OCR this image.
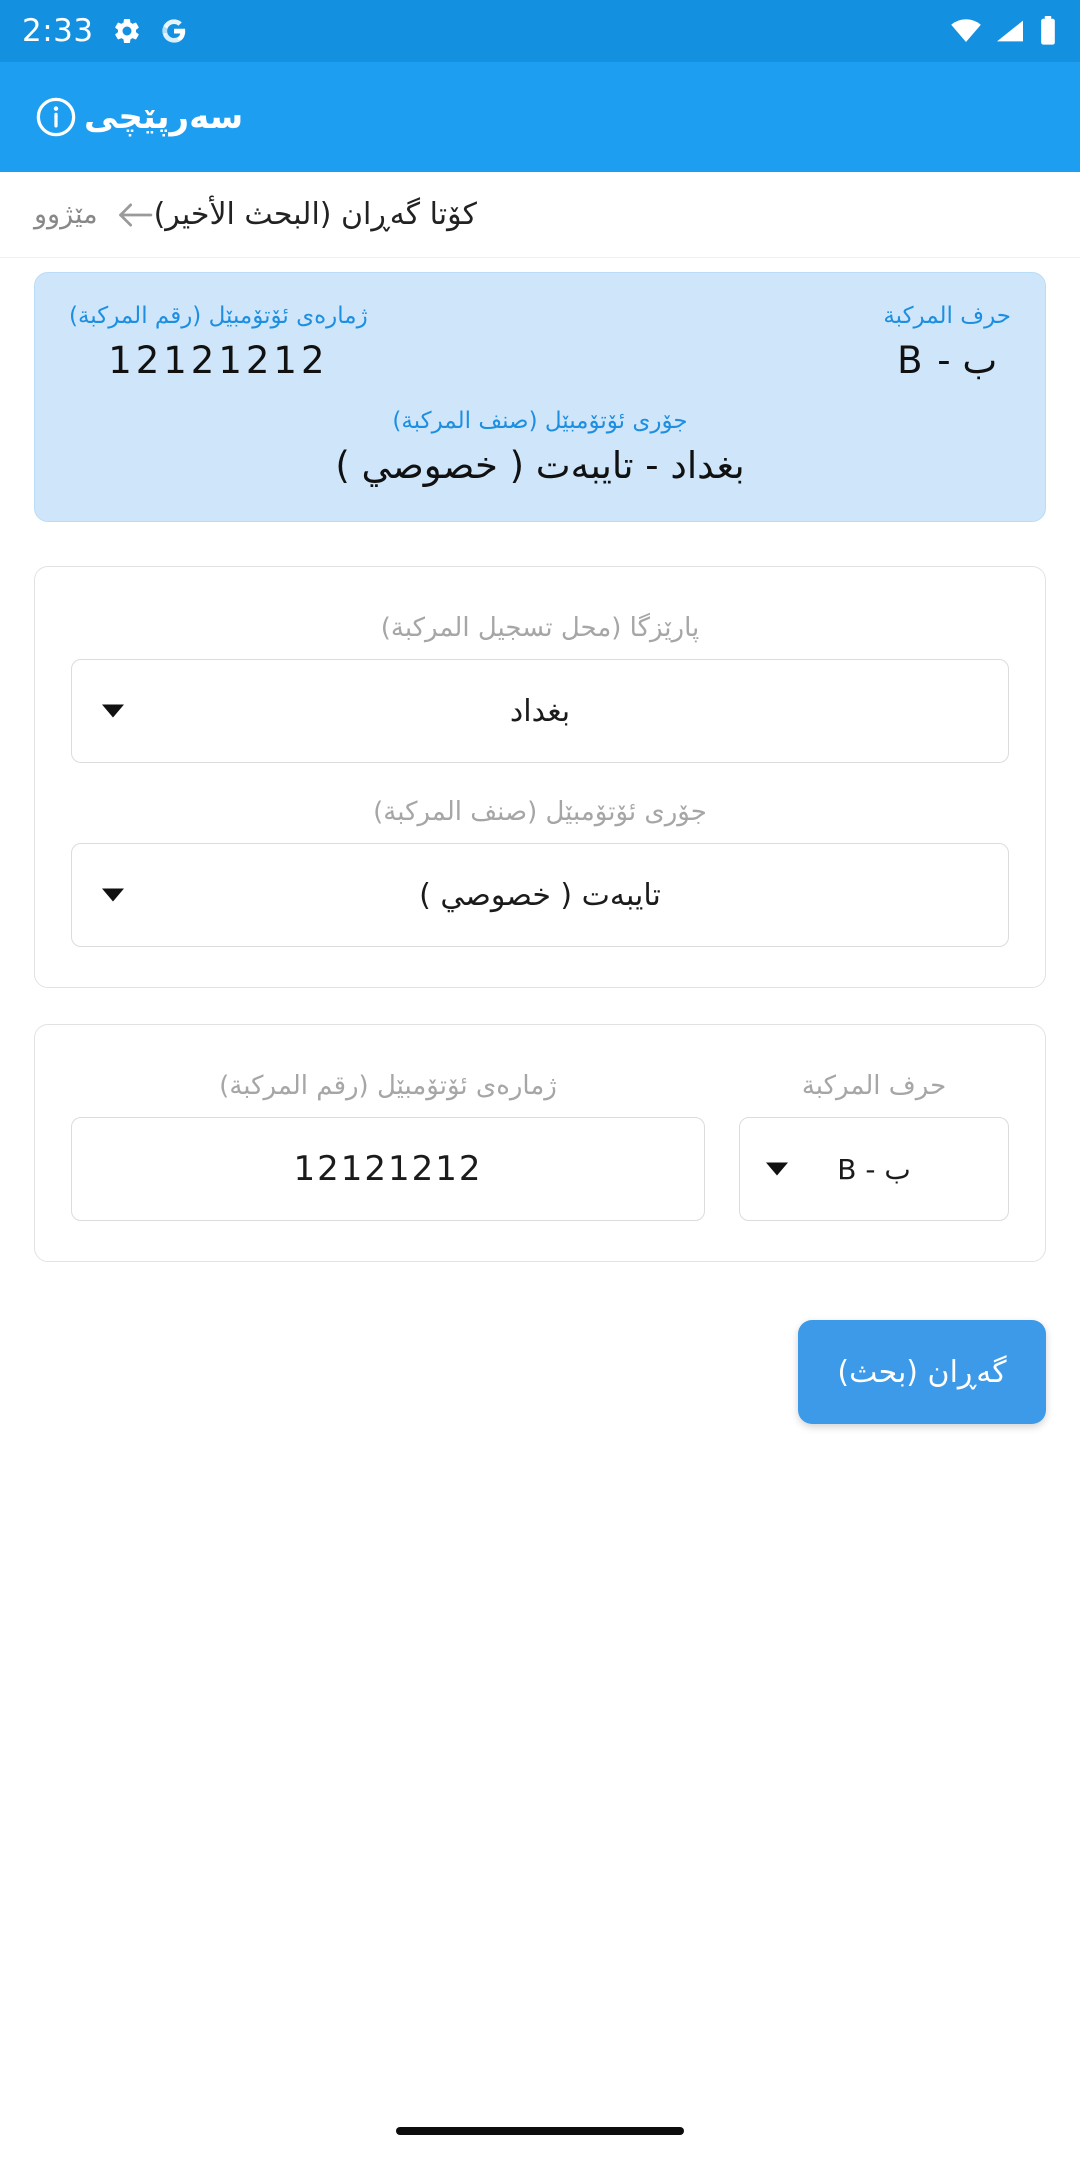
2:33
سەرپێچی
کۆتا گەڕان (البحث الأخير)
مێژوو
حرف المركبة
ب - B
ژمارەی ئۆتۆمبێل (رقم المركبة)
12121212
جۆری ئۆتۆمبێل (صنف المركبة)
بغداد - تایبەت ( خصوصي )
پارێزگا (محل تسجيل المركبة)
بغداد
جۆری ئۆتۆمبێل (صنف المركبة)
تایبەت ( خصوصي )
حرف المركبة
ب - B
ژمارەی ئۆتۆمبێل (رقم المركبة)
12121212
گەڕان (بحث)
